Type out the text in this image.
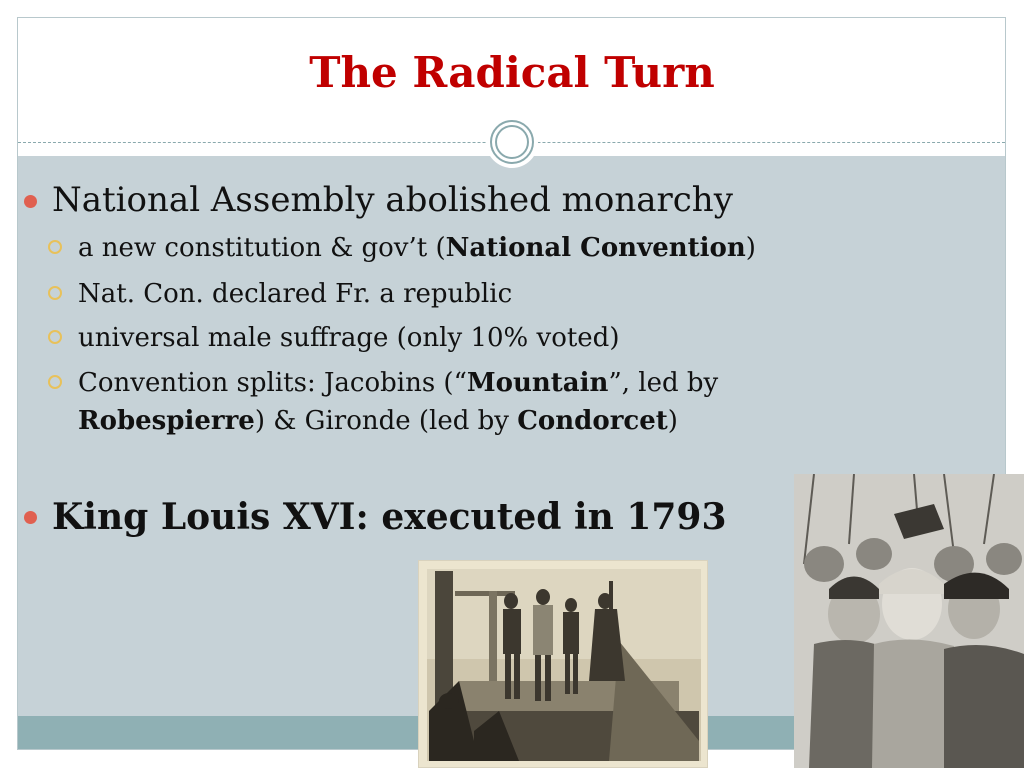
The Radical Turn
National Assembly abolished monarchy
a new constitution & gov’t (National Convention)
Nat. Con. declared Fr. a republic
universal male suffrage (only 10% voted)
Convention splits: Jacobins (“Mountain”, led by
Robespierre) & Gironde (led by Condorcet)
King Louis XVI: executed in 1793
